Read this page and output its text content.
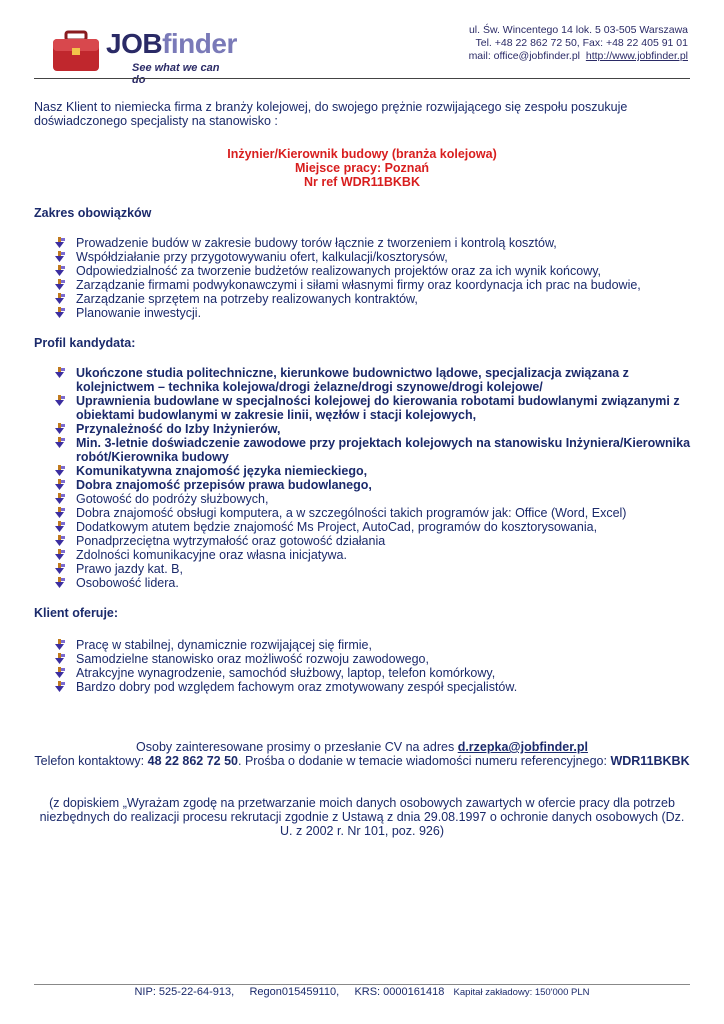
JOBfinder
See what we can do
ul. Św. Wincentego 14 lok. 5 03-505 Warszawa
Tel. +48 22 862 72 50, Fax: +48 22 405 91 01
mail: office@jobfinder.pl http://www.jobfinder.pl
Nasz Klient to niemiecka firma z branży kolejowej, do swojego prężnie rozwijającego się zespołu poszukuje doświadczonego specjalisty na stanowisko :
Inżynier/Kierownik budowy (branża kolejowa)
Miejsce pracy: Poznań
Nr ref WDR11BKBK
Zakres obowiązków
Prowadzenie budów w zakresie budowy torów łącznie z tworzeniem i kontrolą kosztów,
Współdziałanie przy przygotowywaniu ofert, kalkulacji/kosztorysów,
Odpowiedzialność za tworzenie budżetów realizowanych projektów oraz za ich wynik końcowy,
Zarządzanie firmami podwykonawczymi i siłami własnymi firmy oraz koordynacja ich prac na budowie,
Zarządzanie sprzętem na potrzeby realizowanych kontraktów,
Planowanie inwestycji.
Profil kandydata:
Ukończone studia politechniczne, kierunkowe budownictwo lądowe, specjalizacja związana z kolejnictwem – technika kolejowa/drogi żelazne/drogi szynowe/drogi kolejowe/
Uprawnienia budowlane w specjalności kolejowej do kierowania robotami budowlanymi związanymi z obiektami budowlanymi w zakresie linii, węzłów i stacji kolejowych,
Przynależność do Izby Inżynierów,
Min. 3-letnie doświadczenie zawodowe przy projektach kolejowych na stanowisku Inżyniera/Kierownika robót/Kierownika budowy
Komunikatywna znajomość języka niemieckiego,
Dobra znajomość przepisów prawa budowlanego,
Gotowość do podróży służbowych,
Dobra znajomość obsługi komputera, a w szczególności takich programów jak: Office (Word, Excel)
Dodatkowym atutem będzie znajomość Ms Project, AutoCad, programów do kosztorysowania,
Ponadprzeciętna wytrzymałość oraz gotowość działania
Zdolności komunikacyjne oraz własna inicjatywa.
Prawo jazdy kat. B,
Osobowość lidera.
Klient oferuje:
Pracę w stabilnej, dynamicznie rozwijającej się firmie,
Samodzielne stanowisko oraz możliwość rozwoju zawodowego,
Atrakcyjne wynagrodzenie, samochód służbowy, laptop, telefon komórkowy,
Bardzo dobry pod względem fachowym oraz zmotywowany zespół specjalistów.
Osoby zainteresowane prosimy o przesłanie CV na adres d.rzepka@jobfinder.pl
Telefon kontaktowy: 48 22 862 72 50. Prośba o dodanie w temacie wiadomości numeru referencyjnego: WDR11BKBK
(z dopiskiem „Wyrażam zgodę na przetwarzanie moich danych osobowych zawartych w ofercie pracy dla potrzeb niezbędnych do realizacji procesu rekrutacji zgodnie z Ustawą z dnia 29.08.1997 o ochronie danych osobowych (Dz. U. z 2002 r. Nr 101, poz. 926)
NIP: 525-22-64-913, Regon015459110, KRS: 0000161418 Kapitał zakładowy: 150'000 PLN
